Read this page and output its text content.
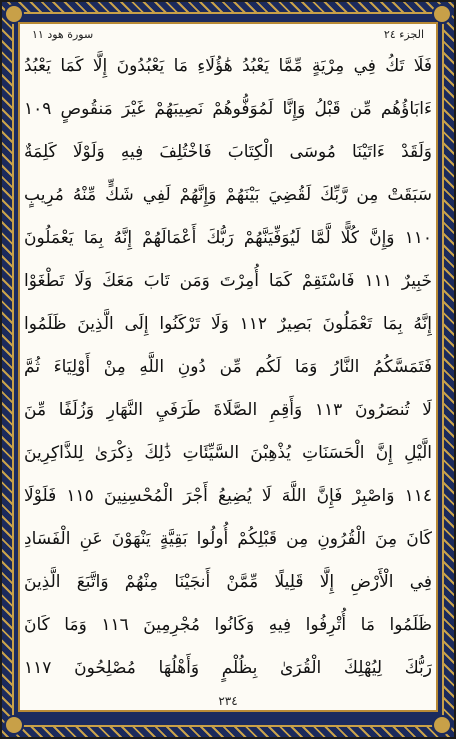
الجزء ٢٤
سورة هود ١١
فَلَا تَكُ فِي مِرْيَةٍ مِّمَّا يَعْبُدُ هَٰؤُلَاءِ مَا يَعْبُدُونَ إِلَّا كَمَا يَعْبُدُ
ءَابَاؤُهُم مِّن قَبْلُ وَإِنَّا لَمُوَفُّوهُمْ نَصِيبَهُمْ غَيْرَ مَنقُوصٍ ١٠٩
وَلَقَدْ ءَاتَيْنَا مُوسَى الْكِتَابَ فَاخْتُلِفَ فِيهِ وَلَوْلَا كَلِمَةٌ
سَبَقَتْ مِن رَّبِّكَ لَقُضِيَ بَيْنَهُمْ وَإِنَّهُمْ لَفِي شَكٍّ مِّنْهُ مُرِيبٍ
١١٠ وَإِنَّ كُلًّا لَّمَّا لَيُوَفِّيَنَّهُمْ رَبُّكَ أَعْمَالَهُمْ إِنَّهُ بِمَا يَعْمَلُونَ
خَبِيرٌ ١١١ فَاسْتَقِمْ كَمَا أُمِرْتَ وَمَن تَابَ مَعَكَ وَلَا تَطْغَوْا
إِنَّهُ بِمَا تَعْمَلُونَ بَصِيرٌ ١١٢ وَلَا تَرْكَنُوا إِلَى الَّذِينَ ظَلَمُوا
فَتَمَسَّكُمُ النَّارُ وَمَا لَكُم مِّن دُونِ اللَّهِ مِنْ أَوْلِيَاءَ ثُمَّ
لَا تُنصَرُونَ ١١٣ وَأَقِمِ الصَّلَاةَ طَرَفَيِ النَّهَارِ وَزُلَفًا مِّنَ
الَّيْلِ إِنَّ الْحَسَنَاتِ يُذْهِبْنَ السَّيِّئَاتِ ذَٰلِكَ ذِكْرَىٰ لِلذَّاكِرِينَ
١١٤ وَاصْبِرْ فَإِنَّ اللَّهَ لَا يُضِيعُ أَجْرَ الْمُحْسِنِينَ ١١٥ فَلَوْلَا
كَانَ مِنَ الْقُرُونِ مِن قَبْلِكُمْ أُولُوا بَقِيَّةٍ يَنْهَوْنَ عَنِ الْفَسَادِ
فِي الْأَرْضِ إِلَّا قَلِيلًا مِّمَّنْ أَنجَيْنَا مِنْهُمْ وَاتَّبَعَ الَّذِينَ
ظَلَمُوا مَا أُتْرِفُوا فِيهِ وَكَانُوا مُجْرِمِينَ ١١٦ وَمَا كَانَ
رَبُّكَ لِيُهْلِكَ الْقُرَىٰ بِظُلْمٍ وَأَهْلُهَا مُصْلِحُونَ ١١٧
٢٣٤
